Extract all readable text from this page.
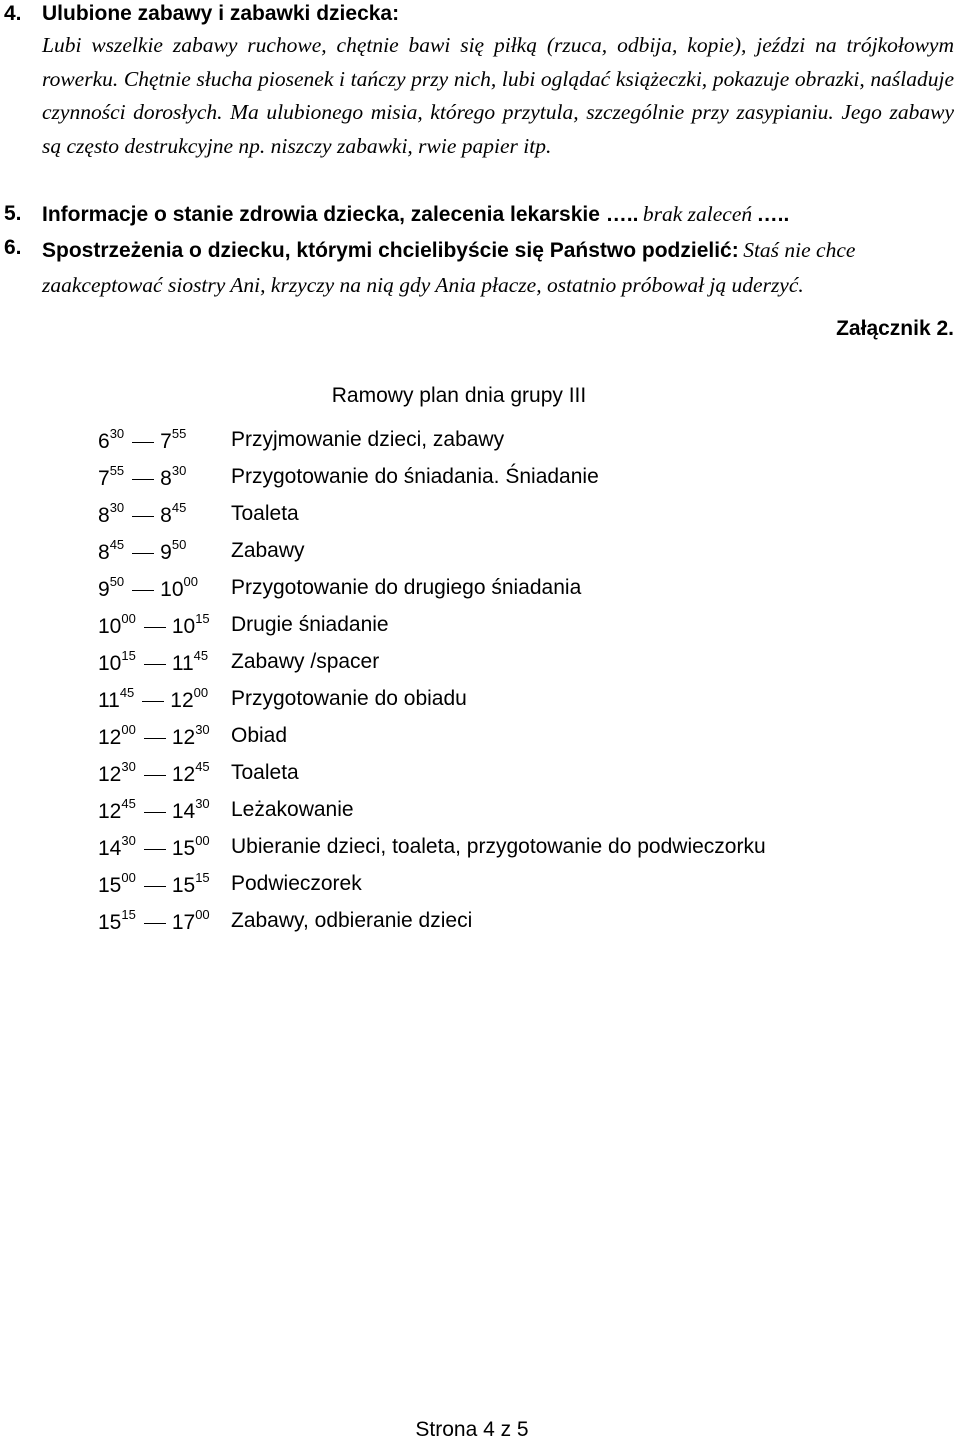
4. Ulubione zabawy i zabawki dziecka:
Lubi wszelkie zabawy ruchowe, chętnie bawi się piłką (rzuca, odbija, kopie), jeździ na trójkołowym rowerku. Chętnie słucha piosenek i tańczy przy nich, lubi oglądać książeczki, pokazuje obrazki, naśladuje czynności dorosłych. Ma ulubionego misia, którego przytula, szczególnie przy zasypianiu. Jego zabawy są często destrukcyjne np. niszczy zabawki, rwie papier itp.
5. Informacje o stanie zdrowia dziecka, zalecenia lekarskie ….. brak zaleceń …..
6. Spostrzeżenia o dziecku, którymi chcielibyście się Państwo podzielić: Staś nie chce zaakceptować siostry Ani, krzyczy na nią gdy Ania płacze, ostatnio próbował ją uderzyć.
Załącznik 2.
Ramowy plan dnia grupy III
$6^{30}$ $7^{55}$ Przyjmowanie dzieci, zabawy
$7^{55}$ $8^{30}$ Przygotowanie do śniadania. Śniadanie
$8^{30}$ $8^{45}$ Toaleta
$8^{45}$ $9^{50}$ Zabawy
$9^{50}$ $10^{00}$ Przygotowanie do drugiego śniadania
$10^{00}$ $10^{15}$ Drugie śniadanie
$10^{15}$ $11^{45}$ Zabawy /spacer
$11^{45}$ $12^{00}$ Przygotowanie do obiadu
$12^{00}$ $12^{30}$ Obiad
$12^{30}$ $12^{45}$ Toaleta
$12^{45}$ $14^{30}$ Leżakowanie
$14^{30}$ $15^{00}$ Ubieranie dzieci, toaleta, przygotowanie do podwieczorku
$15^{00}$ $15^{15}$ Podwieczorek
$15^{15}$ $17^{00}$ Zabawy, odbieranie dzieci
Strona 4 z 5
